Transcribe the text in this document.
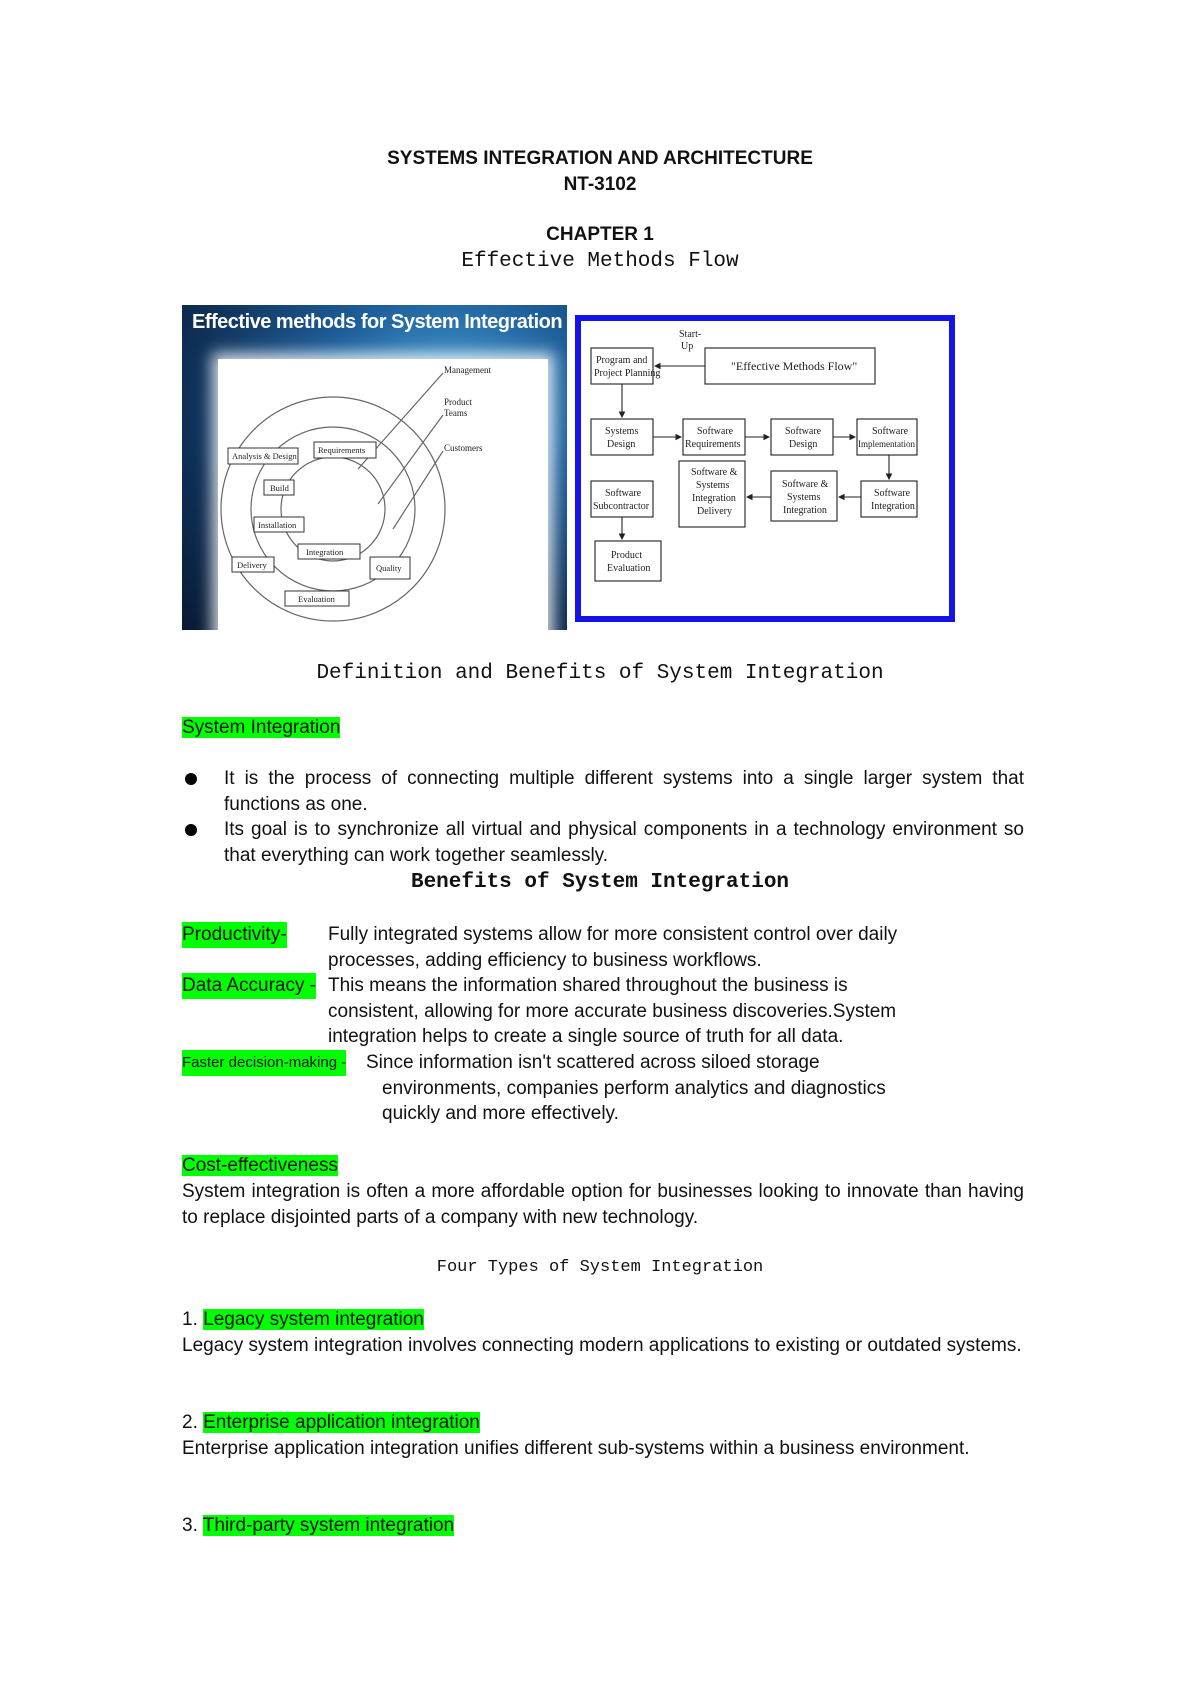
SYSTEMS INTEGRATION AND ARCHITECTURE
NT-3102
CHAPTER 1
Effective Methods Flow
Effective methods for System Integration
Management
Product
Teams
Customers
Analysis & Design
Requirements
Build
Installation
Integration
Delivery	Quality
Evaluation
Start-
Up
Program and
Project Planning
"Effective Methods Flow"
Systems
Design
Software
Requirements
Software
Design
Software
Implementation
Software
Integration
Software &
Systems
Integration
Software &
Systems
Integration
Delivery
Software
Subcontractor
Product
Evaluation
Definition and Benefits of System Integration
System Integration
It is the process of connecting multiple different systems into a single larger system that functions as one.
Its goal is to synchronize all virtual and physical components in a technology environment so that everything can work together seamlessly.
Benefits of System Integration
Productivity- Fully integrated systems allow for more consistent control over daily
processes, adding efficiency to business workflows.
Data Accuracy - This means the information shared throughout the business is
consistent, allowing for more accurate business discoveries.System
integration helps to create a single source of truth for all data.
Faster decision-making - Since information isn't scattered across siloed storage
environments, companies perform analytics and diagnostics
quickly and more effectively.
Cost-effectiveness
System integration is often a more affordable option for businesses looking to innovate than having to replace disjointed parts of a company with new technology.
Four Types of System Integration
1. Legacy system integration
Legacy system integration involves connecting modern applications to existing or outdated systems.
2. Enterprise application integration
Enterprise application integration unifies different sub-systems within a business environment.
3. Third-party system integration
